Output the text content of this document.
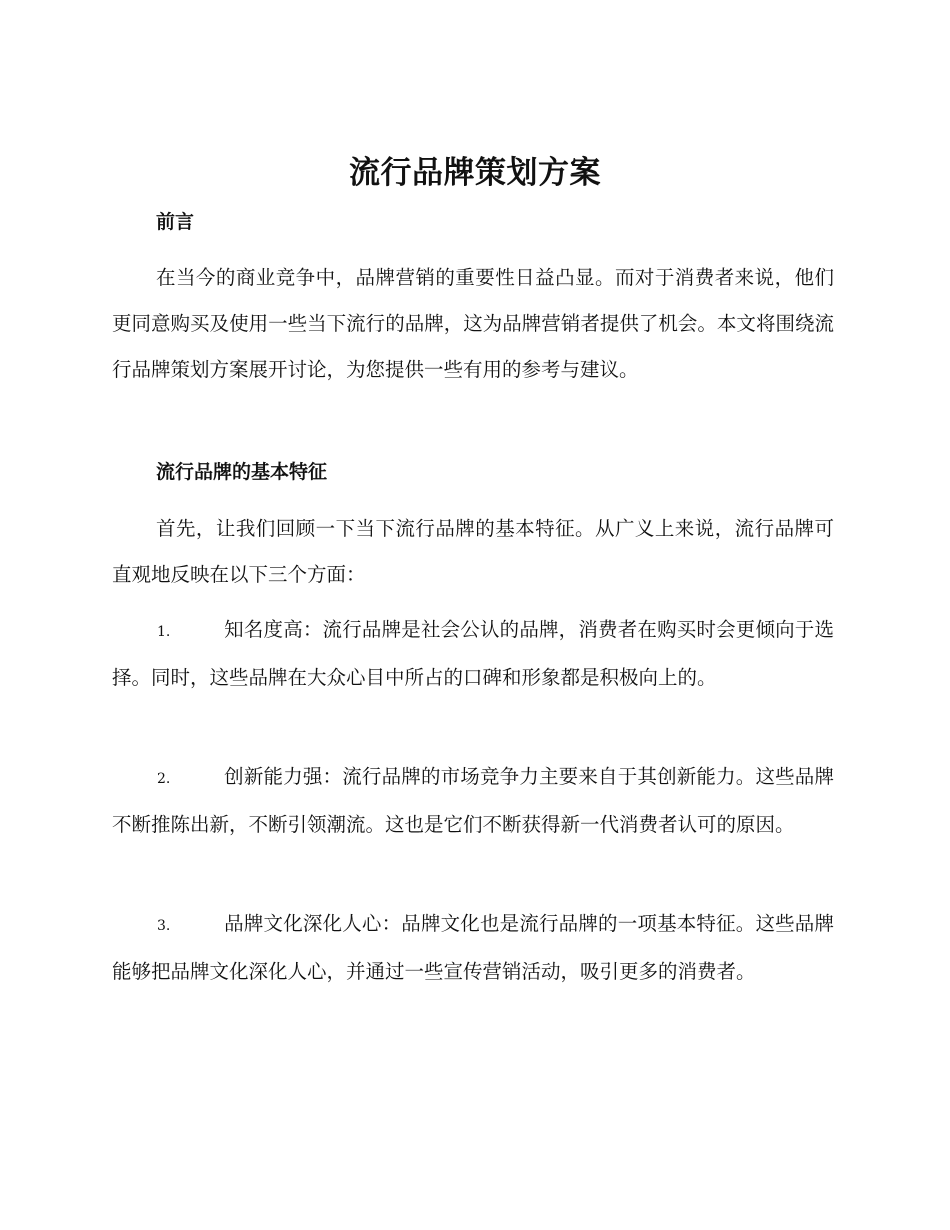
流行品牌策划方案
前言

在当今的商业竞争中，品牌营销的重要性日益凸显。而对于消费者来说，他们更同意购买及使用一些当下流行的品牌，这为品牌营销者提供了机会。本文将围绕流行品牌策划方案展开讨论，为您提供一些有用的参考与建议。

流行品牌的基本特征

首先，让我们回顾一下当下流行品牌的基本特征。从广义上来说，流行品牌可直观地反映在以下三个方面：

1.	知名度高：流行品牌是社会公认的品牌，消费者在购买时会更倾向于选择。同时，这些品牌在大众心目中所占的口碑和形象都是积极向上的。

2.	创新能力强：流行品牌的市场竞争力主要来自于其创新能力。这些品牌不断推陈出新，不断引领潮流。这也是它们不断获得新一代消费者认可的原因。

3.	品牌文化深化人心：品牌文化也是流行品牌的一项基本特征。这些品牌能够把品牌文化深化人心，并通过一些宣传营销活动，吸引更多的消费者。
